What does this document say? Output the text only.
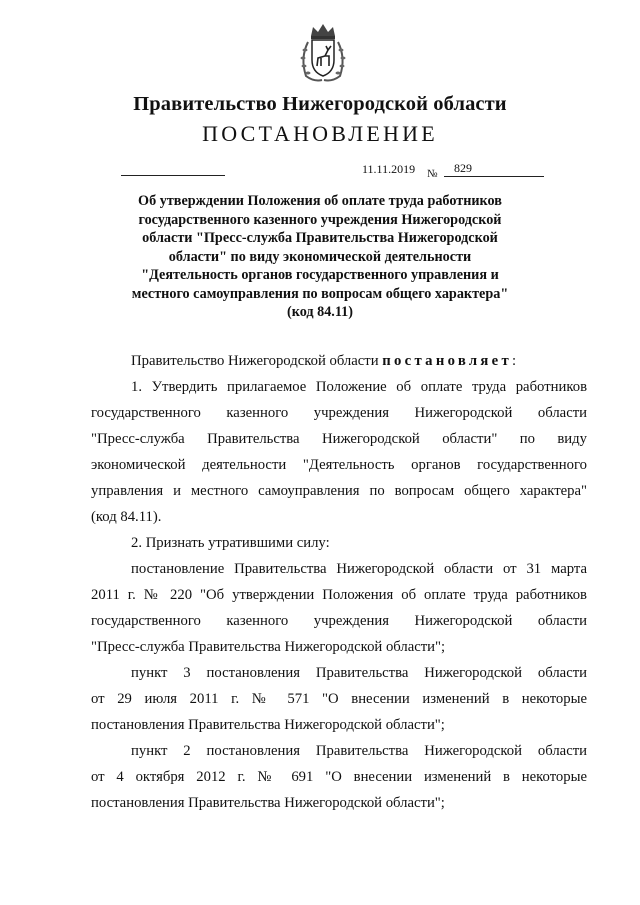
Правительство Нижегородской области
ПОСТАНОВЛЕНИЕ
11.11.2019 № 829
Об утверждении Положения об оплате труда работников
государственного казенного учреждения Нижегородской
области "Пресс-служба Правительства Нижегородской
области" по виду экономической деятельности
"Деятельность органов государственного управления и
местного самоуправления по вопросам общего характера"
(код 84.11)
Правительство Нижегородской области постановляет:
1. Утвердить прилагаемое Положение об оплате труда работников
государственного казенного учреждения Нижегородской области
"Пресс-служба Правительства Нижегородской области" по виду
экономической деятельности "Деятельность органов государственного
управления и местного самоуправления по вопросам общего характера"
(код 84.11).
2. Признать утратившими силу:
постановление Правительства Нижегородской области от 31 марта
2011 г. № 220 "Об утверждении Положения об оплате труда работников
государственного казенного учреждения Нижегородской области
"Пресс-служба Правительства Нижегородской области";
пункт 3 постановления Правительства Нижегородской области
от 29 июля 2011 г. № 571 "О внесении изменений в некоторые
постановления Правительства Нижегородской области";
пункт 2 постановления Правительства Нижегородской области
от 4 октября 2012 г. № 691 "О внесении изменений в некоторые
постановления Правительства Нижегородской области";
